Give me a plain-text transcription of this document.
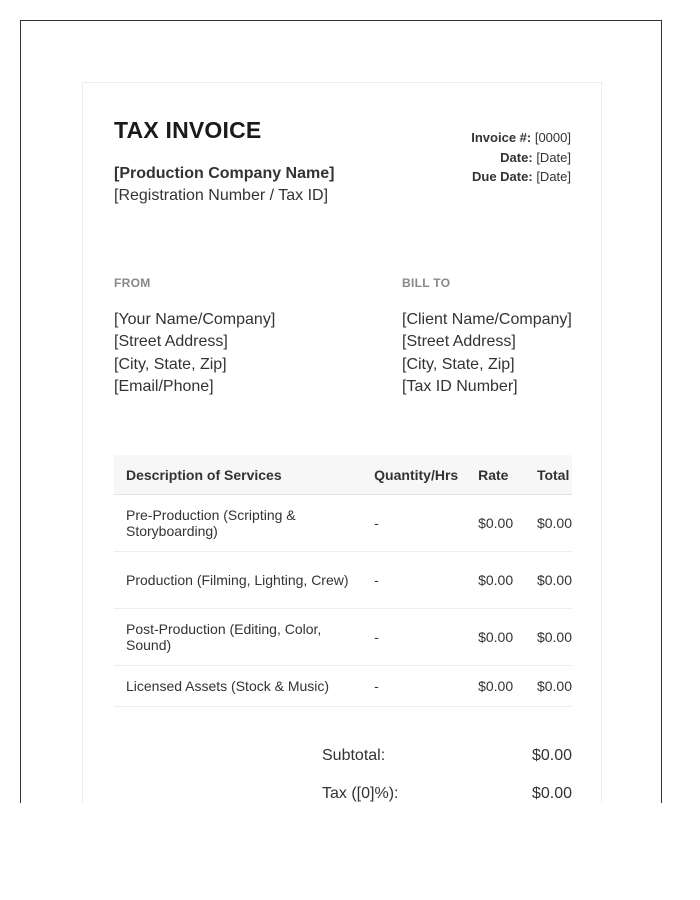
TAX INVOICE
[Production Company Name]
[Registration Number / Tax ID]
Invoice #: [0000]
Date: [Date]
Due Date: [Date]
FROM	BILL TO
[Your Name/Company]
[Street Address]
[City, State, Zip]
[Email/Phone]
[Client Name/Company]
[Street Address]
[City, State, Zip]
[Tax ID Number]
Description of Services	Quantity/Hrs	Rate	Total
Pre-Production (Scripting & Storyboarding)	-	$0.00	$0.00
Production (Filming, Lighting, Crew)	-	$0.00	$0.00
Post-Production (Editing, Color, Sound)	-	$0.00	$0.00
Licensed Assets (Stock & Music)	-	$0.00	$0.00
Subtotal:	$0.00
Tax ([0]%):	$0.00
